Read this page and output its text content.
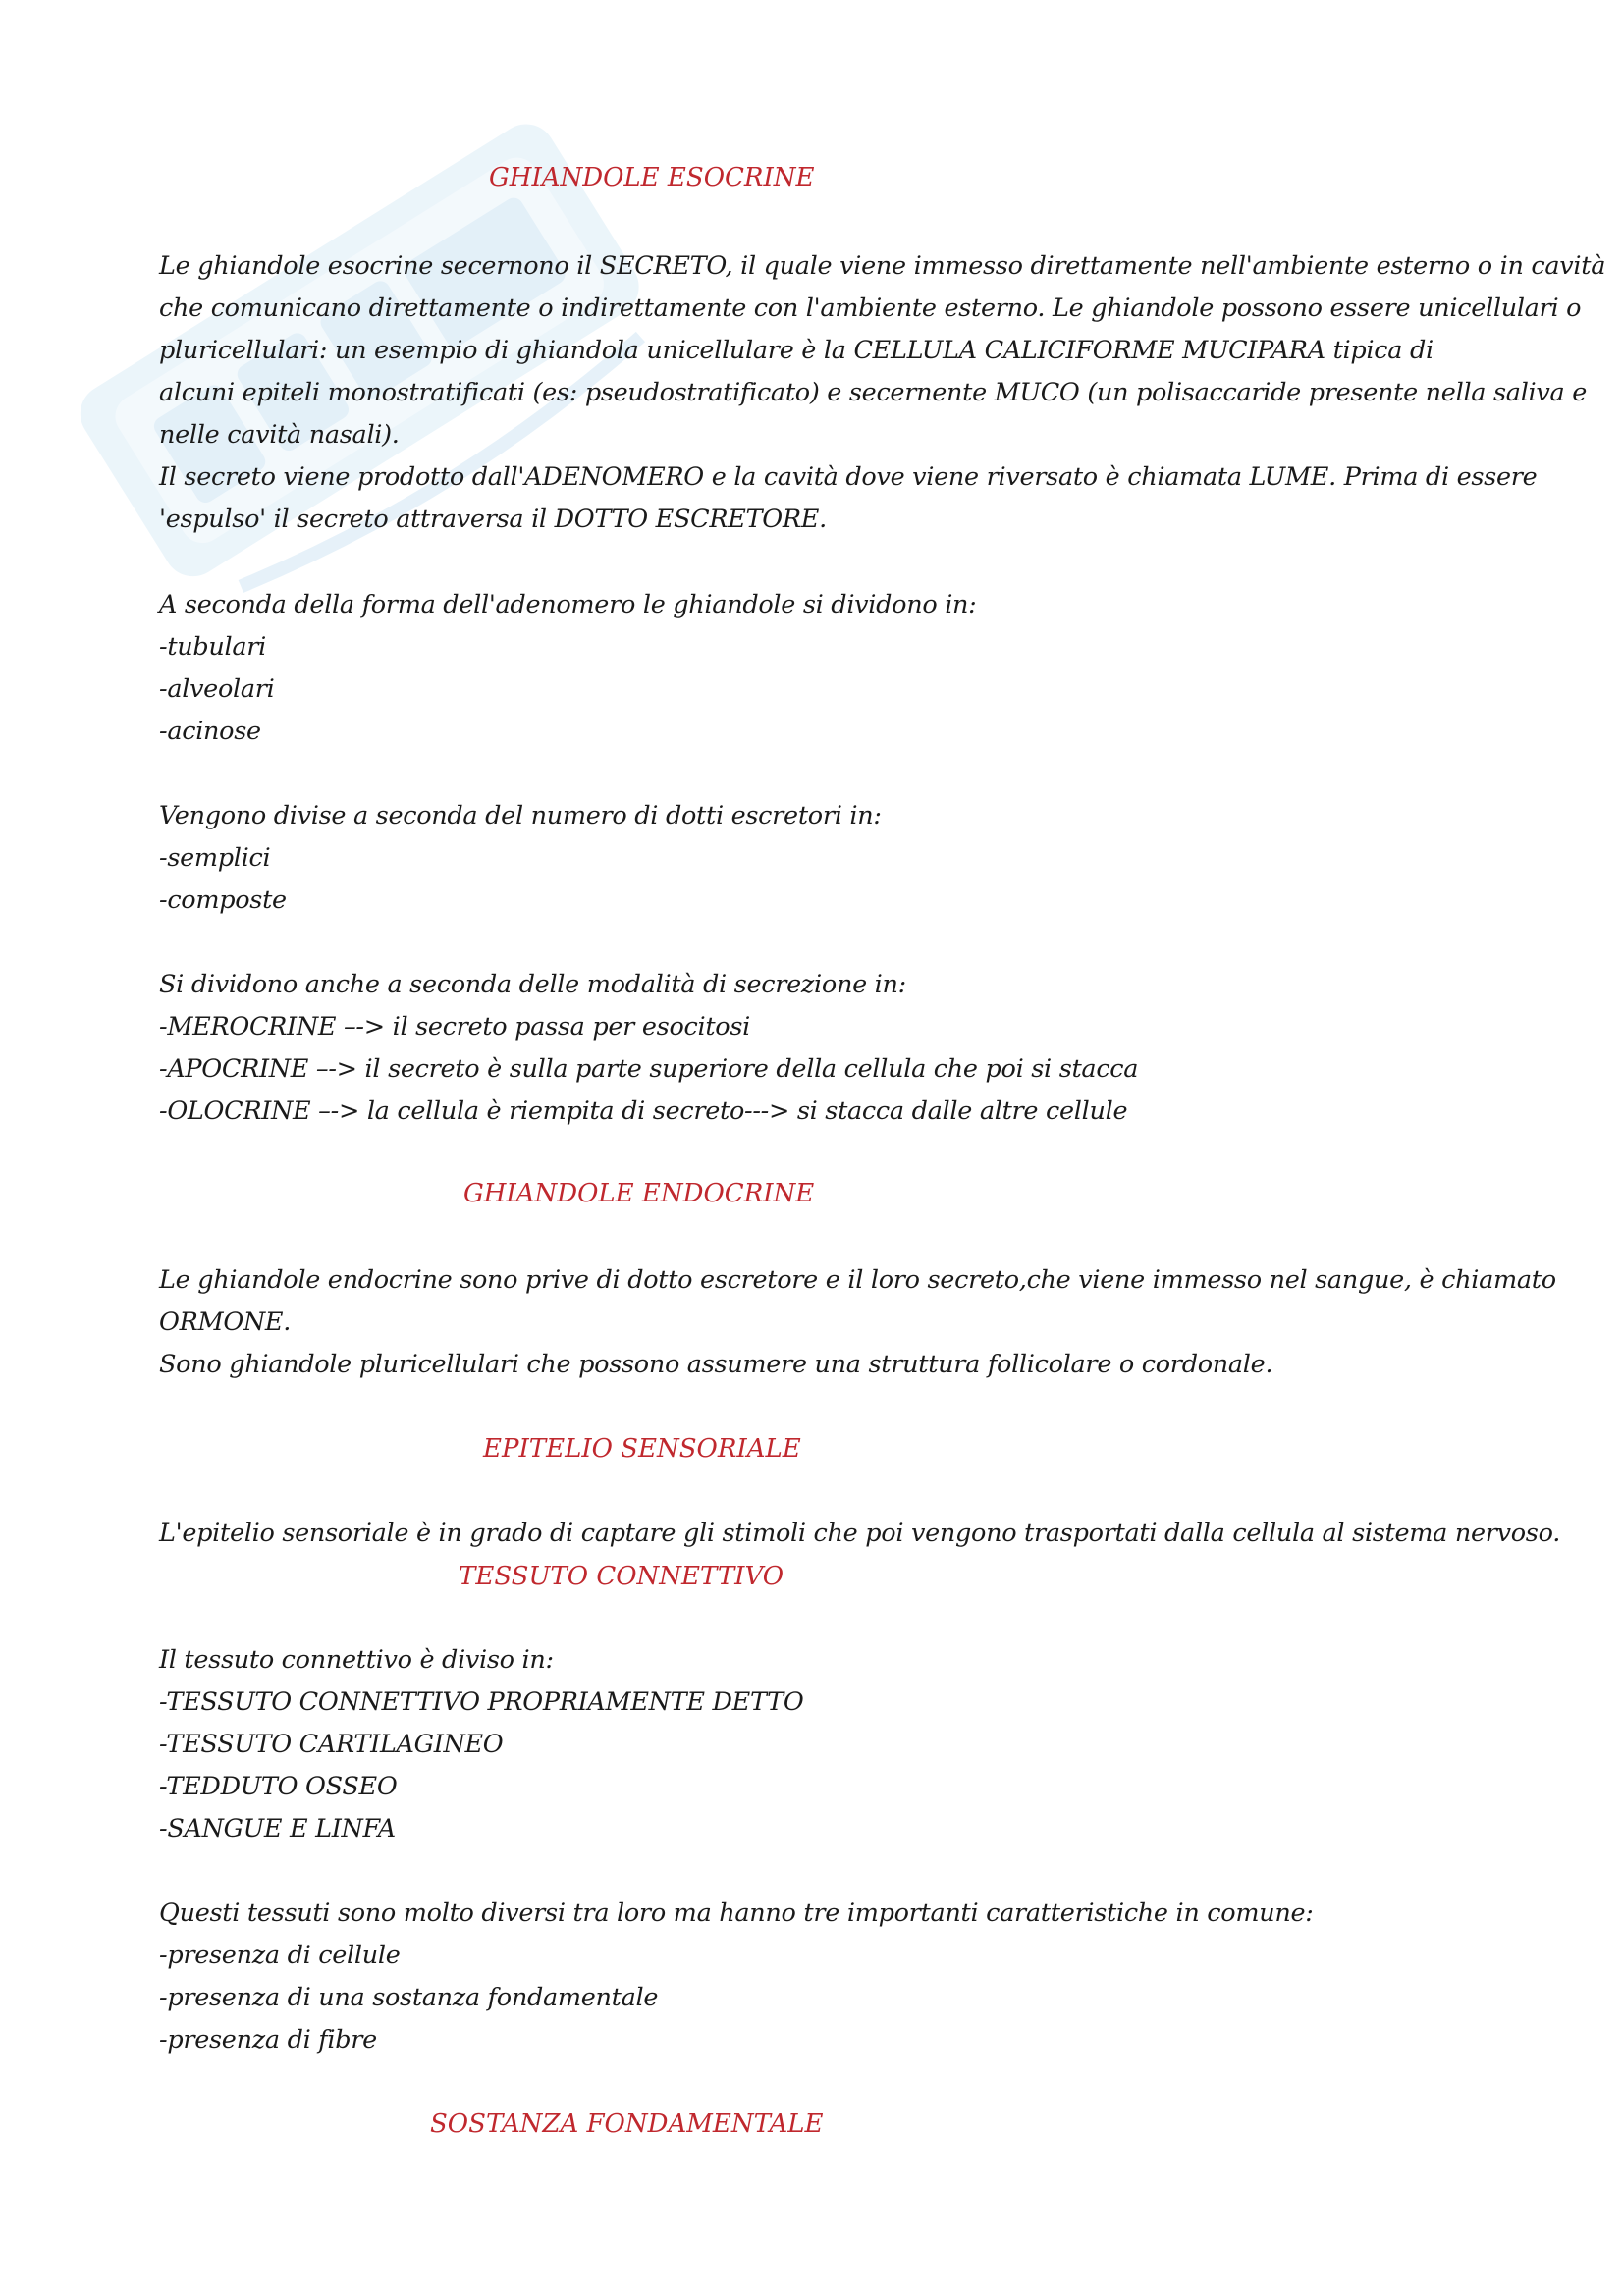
GHIANDOLE ESOCRINE
Le ghiandole esocrine secernono il SECRETO, il quale viene immesso direttamente nell'ambiente esterno o in cavità
che comunicano direttamente o indirettamente con l'ambiente esterno. Le ghiandole possono essere unicellulari o
pluricellulari: un esempio di ghiandola unicellulare è la CELLULA CALICIFORME MUCIPARA tipica di
alcuni epiteli monostratificati (es: pseudostratificato) e secernente MUCO (un polisaccaride presente nella saliva e
nelle cavità nasali).
Il secreto viene prodotto dall'ADENOMERO e la cavità dove viene riversato è chiamata LUME. Prima di essere
'espulso' il secreto attraversa il DOTTO ESCRETORE.
A seconda della forma dell'adenomero le ghiandole si dividono in:
-tubulari
-alveolari
-acinose
Vengono divise a seconda del numero di dotti escretori in:
-semplici
-composte
Si dividono anche a seconda delle modalità di secrezione in:
-MEROCRINE –-> il secreto passa per esocitosi
-APOCRINE –-> il secreto è sulla parte superiore della cellula che poi si stacca
-OLOCRINE –-> la cellula è riempita di secreto---> si stacca dalle altre cellule
GHIANDOLE ENDOCRINE
Le ghiandole endocrine sono prive di dotto escretore e il loro secreto,che viene immesso nel sangue, è chiamato
ORMONE.
Sono ghiandole pluricellulari che possono assumere una struttura follicolare o cordonale.
EPITELIO SENSORIALE
L'epitelio sensoriale è in grado di captare gli stimoli che poi vengono trasportati dalla cellula al sistema nervoso.
TESSUTO CONNETTIVO
Il tessuto connettivo è diviso in:
-TESSUTO CONNETTIVO PROPRIAMENTE DETTO
-TESSUTO CARTILAGINEO
-TEDDUTO OSSEO
-SANGUE E LINFA
Questi tessuti sono molto diversi tra loro ma hanno tre importanti caratteristiche in comune:
-presenza di cellule
-presenza di una sostanza fondamentale
-presenza di fibre
SOSTANZA FONDAMENTALE
